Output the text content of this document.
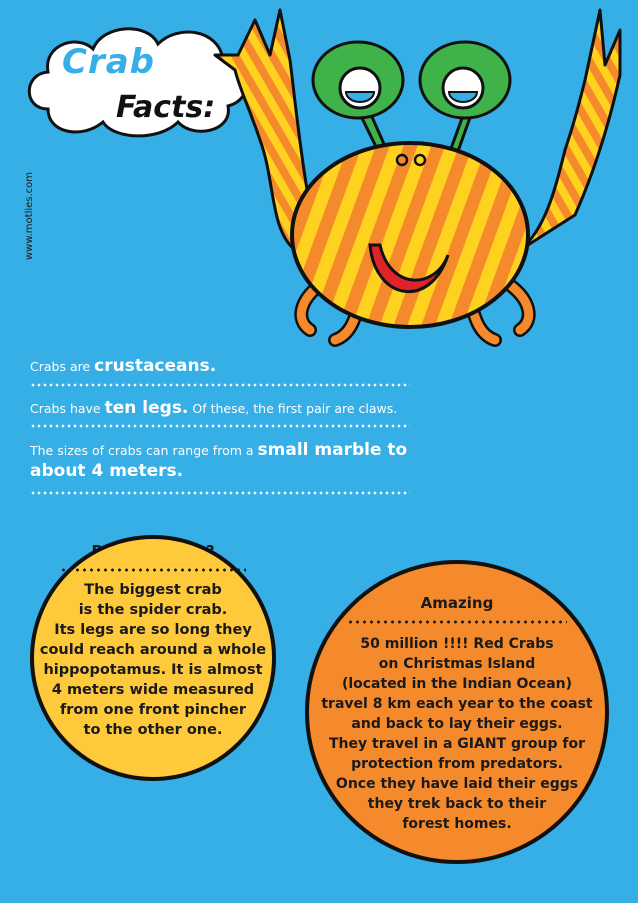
Crab
Facts:
www.motlies.com
Crabs are crustaceans.
Crabs have ten legs. Of these, the first pair are claws.
The sizes of crabs can range from a small marble to about 4 meters.
The biggest crab
is the spider crab.
Its legs are so long they
could reach around a whole
hippopotamus. It is almost
4 meters wide measured
from one front pincher
to the other one.
Amazing
50 million !!!! Red Crabs
on Christmas Island
(located in the Indian Ocean)
travel 8 km each year to the coast
and back to lay their eggs.
They travel in a GIANT group for
protection from predators.
Once they have laid their eggs
they trek back to their
forest homes.
